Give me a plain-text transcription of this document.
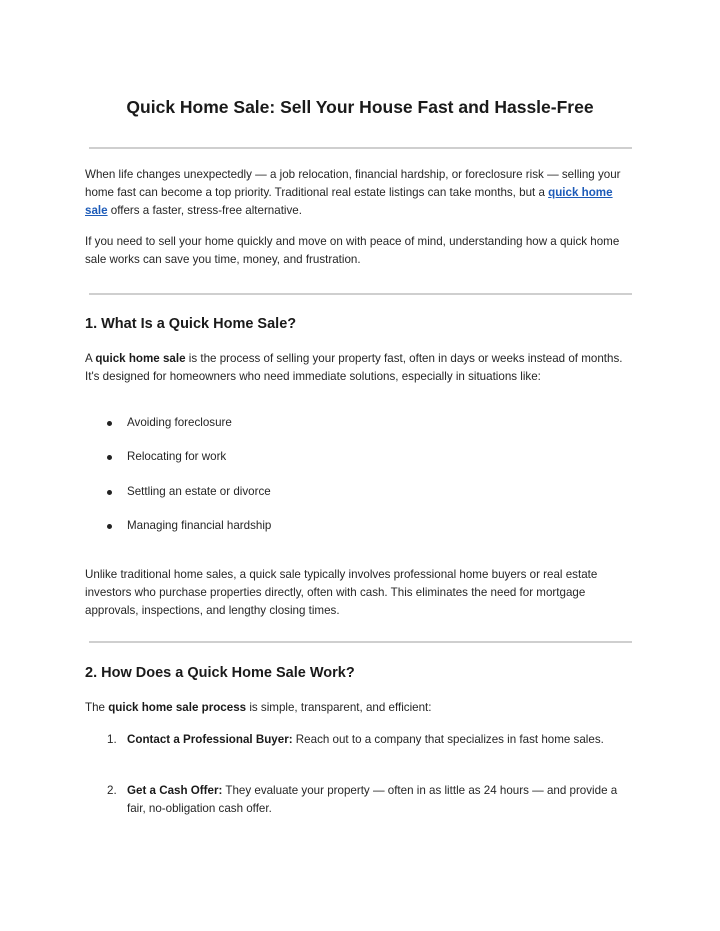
Quick Home Sale: Sell Your House Fast and Hassle-Free

When life changes unexpectedly — a job relocation, financial hardship, or foreclosure risk — selling your home fast can become a top priority. Traditional real estate listings can take months, but a quick home sale offers a faster, stress-free alternative.

If you need to sell your home quickly and move on with peace of mind, understanding how a quick home sale works can save you time, money, and frustration.

1. What Is a Quick Home Sale?

A quick home sale is the process of selling your property fast, often in days or weeks instead of months. It's designed for homeowners who need immediate solutions, especially in situations like:

Avoiding foreclosure
Relocating for work
Settling an estate or divorce
Managing financial hardship

Unlike traditional home sales, a quick sale typically involves professional home buyers or real estate investors who purchase properties directly, often with cash. This eliminates the need for mortgage approvals, inspections, and lengthy closing times.

2. How Does a Quick Home Sale Work?

The quick home sale process is simple, transparent, and efficient:

1. Contact a Professional Buyer: Reach out to a company that specializes in fast home sales.
2. Get a Cash Offer: They evaluate your property — often in as little as 24 hours — and provide a fair, no-obligation cash offer.
